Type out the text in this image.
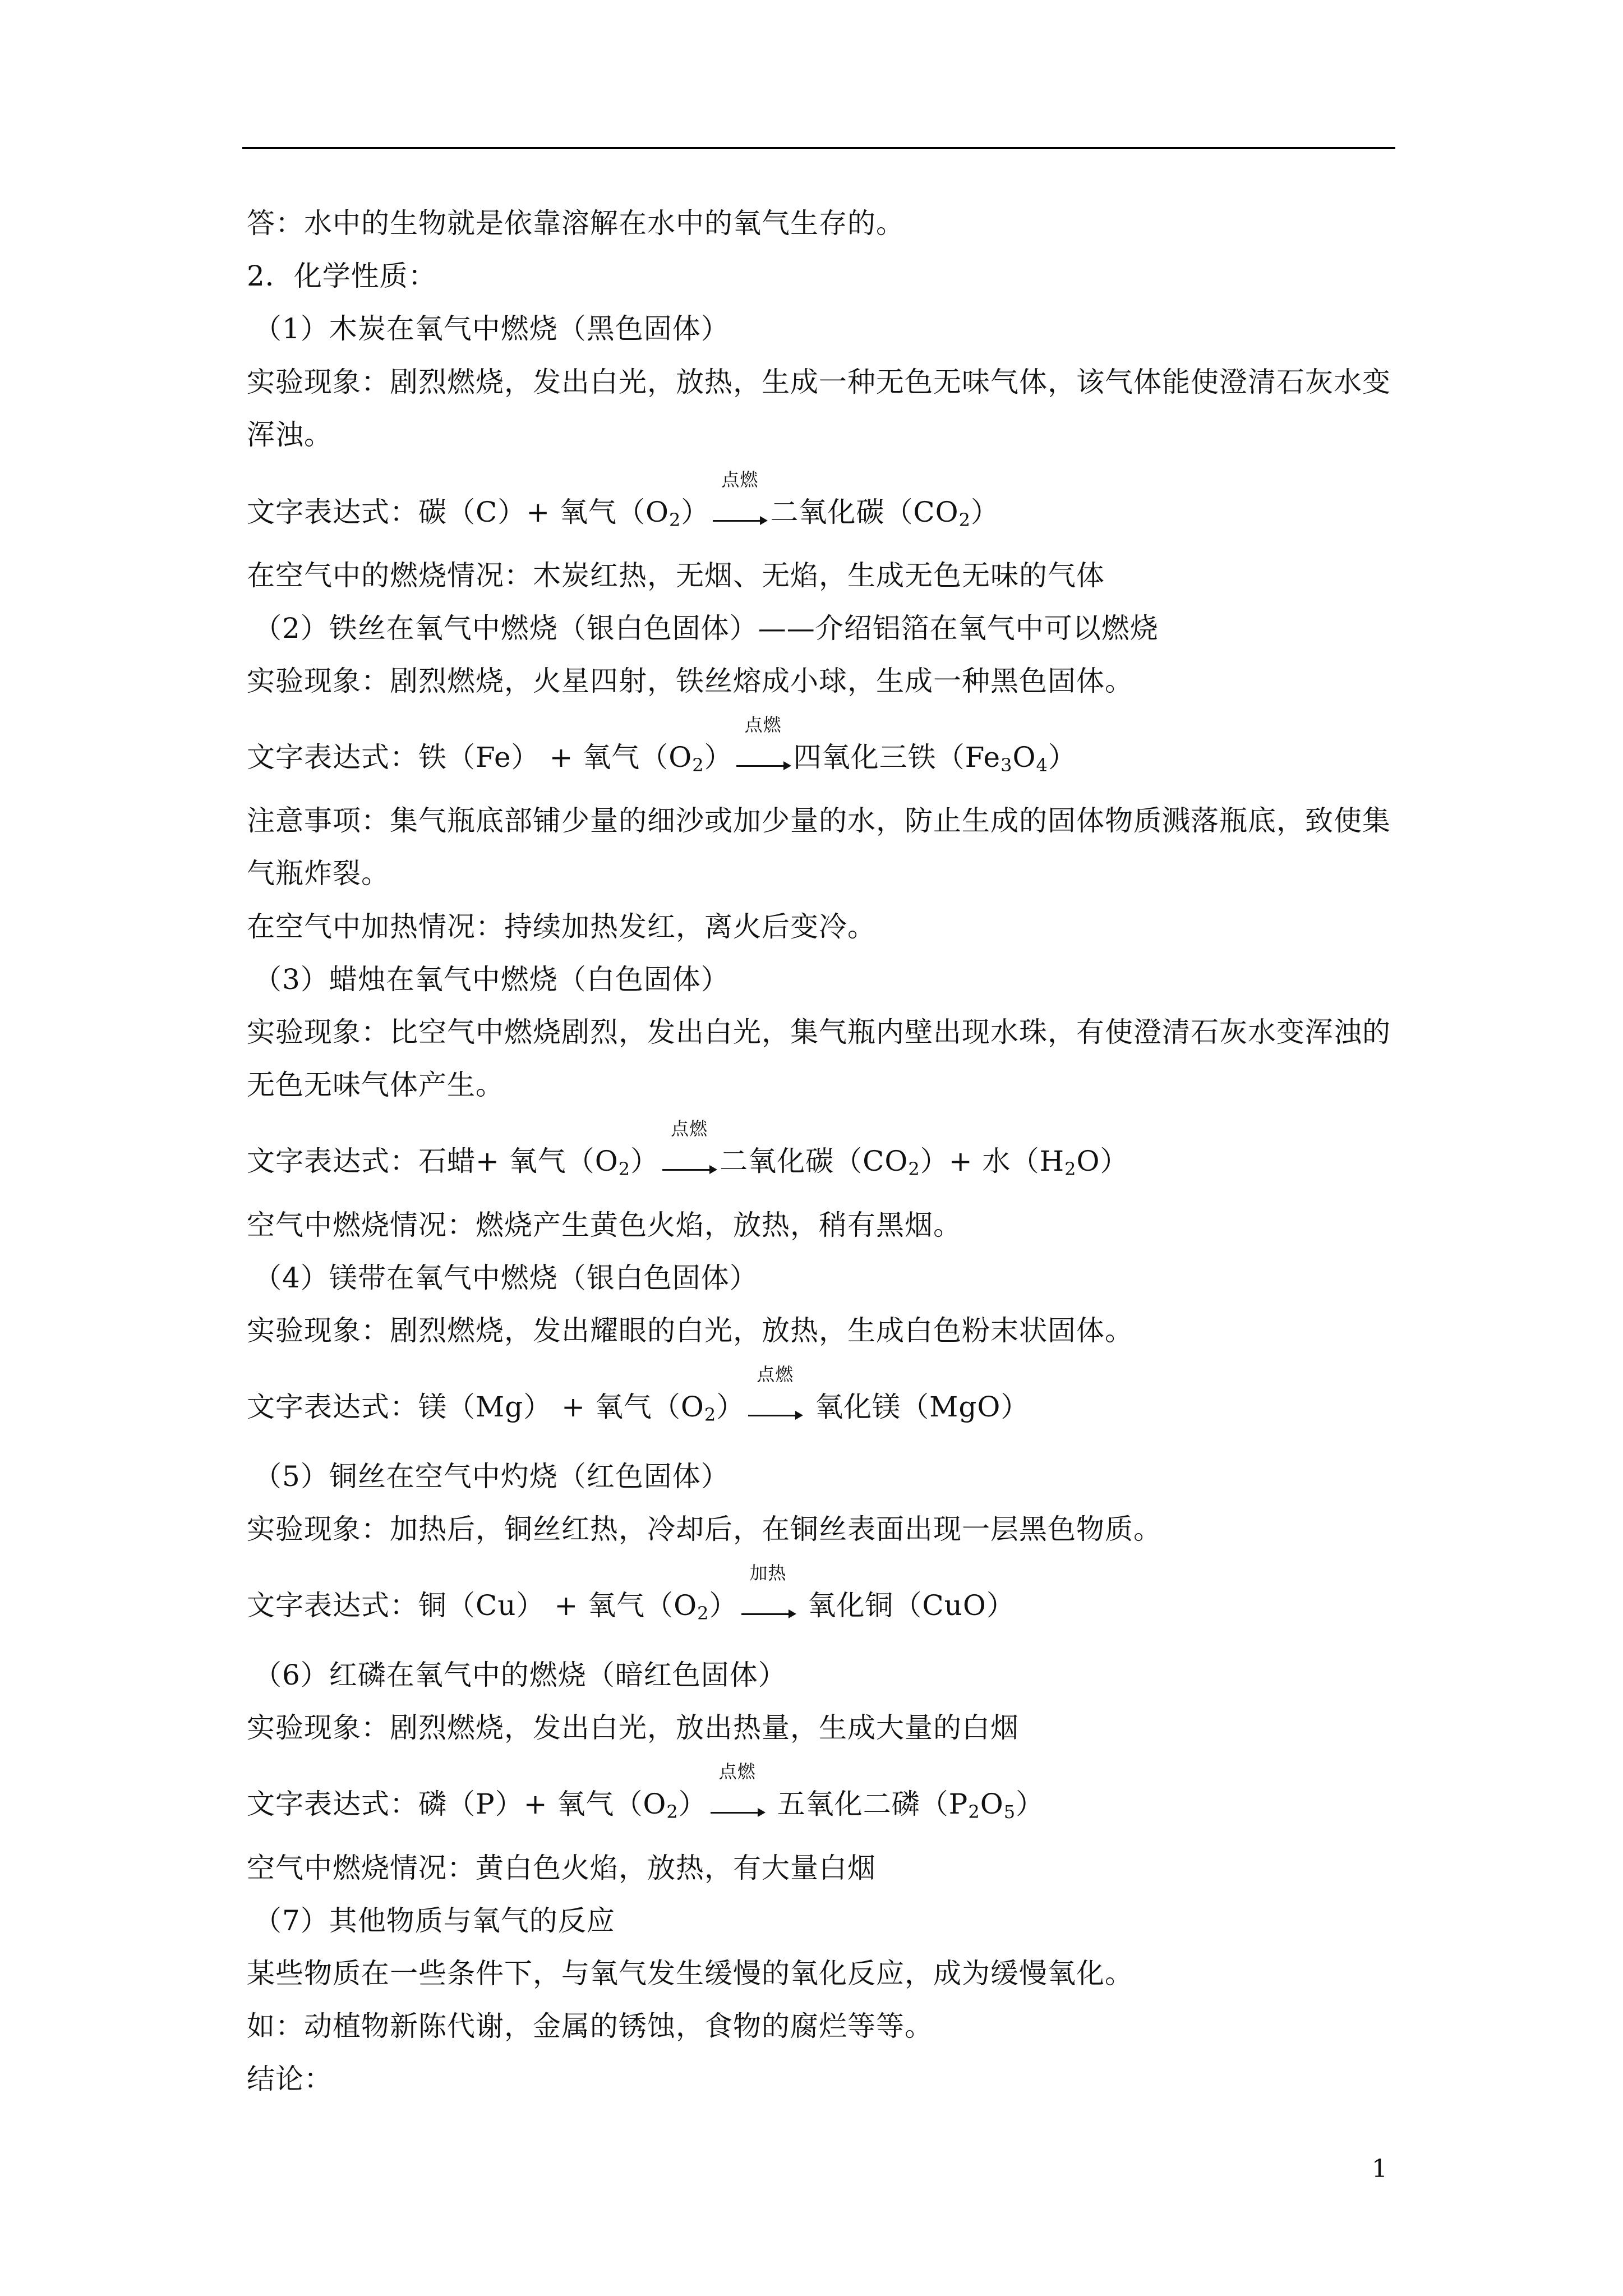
答：水中的生物就是依靠溶解在水中的氧气生存的。
2．化学性质：
（1）木炭在氧气中燃烧（黑色固体）
实验现象：剧烈燃烧，发出白光，放热，生成一种无色无味气体，该气体能使澄清石灰水变
浑浊。
文字表达式：碳（C）+ 氧气$(O_2)$
点燃
二氧化碳$(CO_2)$
在空气中的燃烧情况：木炭红热，无烟、无焰，生成无色无味的气体
（2）铁丝在氧气中燃烧（银白色固体）——介绍铝箔在氧气中可以燃烧
实验现象：剧烈燃烧，火星四射，铁丝熔成小球，生成一种黑色固体。
文字表达式：铁（Fe） + 氧气$(O_2)$
点燃
四氧化三铁$(Fe_3O_4)$
注意事项：集气瓶底部铺少量的细沙或加少量的水，防止生成的固体物质溅落瓶底，致使集
气瓶炸裂。
在空气中加热情况：持续加热发红，离火后变冷。
（3）蜡烛在氧气中燃烧（白色固体）
实验现象：比空气中燃烧剧烈，发出白光，集气瓶内壁出现水珠，有使澄清石灰水变浑浊的
无色无味气体产生。
文字表达式：石蜡+ 氧气$(O_2)$
点燃
二氧化碳$(CO_2)+$ 水$(H_2O)$
空气中燃烧情况：燃烧产生黄色火焰，放热，稍有黑烟。
（4）镁带在氧气中燃烧（银白色固体）
实验现象：剧烈燃烧，发出耀眼的白光，放热，生成白色粉末状固体。
文字表达式：镁（Mg） + 氧气$(O_2)$
点燃
氧化镁（MgO）
（5）铜丝在空气中灼烧（红色固体）
实验现象：加热后，铜丝红热，冷却后，在铜丝表面出现一层黑色物质。
文字表达式：铜（Cu） + 氧气$(O_2)$
加热
氧化铜（CuO）
（6）红磷在氧气中的燃烧（暗红色固体）
实验现象：剧烈燃烧，发出白光，放出热量，生成大量的白烟
文字表达式：磷（P）+ 氧气$(O_2)$
点燃
五氧化二磷$(P_2O_5)$
空气中燃烧情况：黄白色火焰，放热，有大量白烟
（7）其他物质与氧气的反应
某些物质在一些条件下，与氧气发生缓慢的氧化反应，成为缓慢氧化。
如：动植物新陈代谢，金属的锈蚀，食物的腐烂等等。
结论：
1
